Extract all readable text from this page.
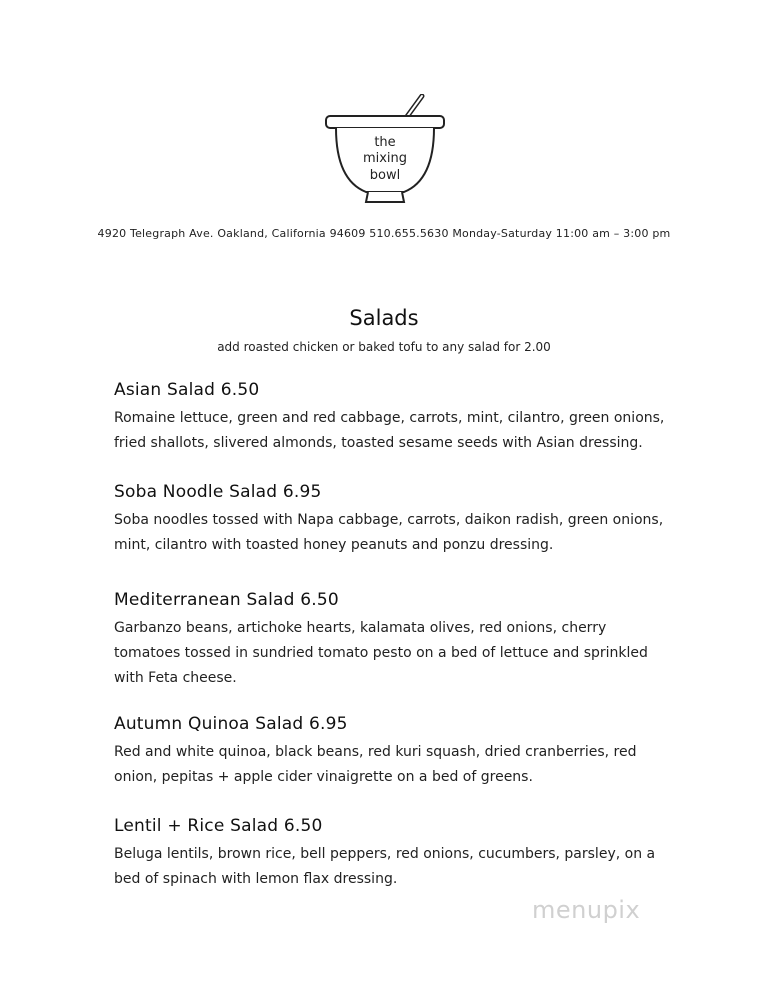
the
mixing
bowl
4920 Telegraph Ave. Oakland, California 94609 510.655.5630 Monday-Saturday 11:00 am – 3:00 pm
Salads
add roasted chicken or baked tofu to any salad for 2.00
Asian Salad 6.50
Romaine lettuce, green and red cabbage, carrots, mint, cilantro, green onions, fried shallots, slivered almonds, toasted sesame seeds with Asian dressing.
Soba Noodle Salad 6.95
Soba noodles tossed with Napa cabbage, carrots, daikon radish, green onions, mint, cilantro with toasted honey peanuts and ponzu dressing.
Mediterranean Salad 6.50
Garbanzo beans, artichoke hearts, kalamata olives, red onions, cherry tomatoes tossed in sundried tomato pesto on a bed of lettuce and sprinkled with Feta cheese.
Autumn Quinoa Salad 6.95
Red and white quinoa, black beans, red kuri squash, dried cranberries, red onion, pepitas + apple cider vinaigrette on a bed of greens.
Lentil + Rice Salad 6.50
Beluga lentils, brown rice, bell peppers, red onions, cucumbers, parsley, on a bed of spinach with lemon flax dressing.
menupix
